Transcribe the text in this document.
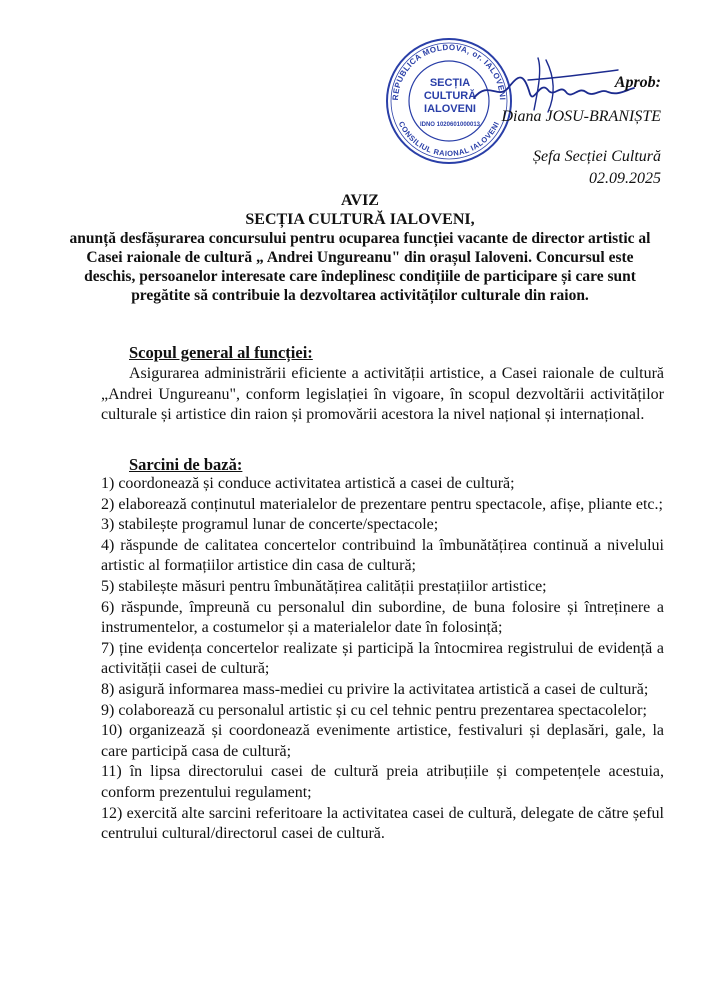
REPUBLICA MOLDOVA, or. IALOVENI
CONSILIUL RAIONAL IALOVENI
SECȚIA
CULTURĂ
IALOVENI
IDNO 1020601000013
Aprob:
Diana JOSU-BRANIȘTE
Șefa Secției Cultură
02.09.2025
AVIZ
SECȚIA CULTURĂ IALOVENI,
anunță desfășurarea concursului pentru ocuparea funcției vacante de director artistic al Casei raionale de cultură „ Andrei Ungureanu" din orașul Ialoveni. Concursul este deschis, persoanelor interesate care îndeplinesc condițiile de participare și care sunt pregătite să contribuie la dezvoltarea activităților culturale din raion.
Scopul general al funcției:
Asigurarea administrării eficiente a activității artistice, a Casei raionale de cultură „Andrei Ungureanu", conform legislației în vigoare, în scopul dezvoltării activităților culturale și artistice din raion și promovării acestora la nivel național și internațional.
Sarcini de bază:
1) coordonează și conduce activitatea artistică a casei de cultură;
2) elaborează conținutul materialelor de prezentare pentru spectacole, afișe, pliante etc.;
3) stabilește programul lunar de concerte/spectacole;
4) răspunde de calitatea concertelor contribuind la îmbunătățirea continuă a nivelului artistic al formațiilor artistice din casa de cultură;
5) stabilește măsuri pentru îmbunătățirea calității prestațiilor artistice;
6) răspunde, împreună cu personalul din subordine, de buna folosire și întreținere a instrumentelor, a costumelor și a materialelor date în folosință;
7) ține evidența concertelor realizate și participă la întocmirea registrului de evidență a activității casei de cultură;
8) asigură informarea mass-mediei cu privire la activitatea artistică a casei de cultură;
9) colaborează cu personalul artistic și cu cel tehnic pentru prezentarea spectacolelor;
10) organizează și coordonează evenimente artistice, festivaluri și deplasări, gale, la care participă casa de cultură;
11) în lipsa directorului casei de cultură preia atribuțiile și competențele acestuia, conform prezentului regulament;
12) exercită alte sarcini referitoare la activitatea casei de cultură, delegate de către șeful centrului cultural/directorul casei de cultură.
